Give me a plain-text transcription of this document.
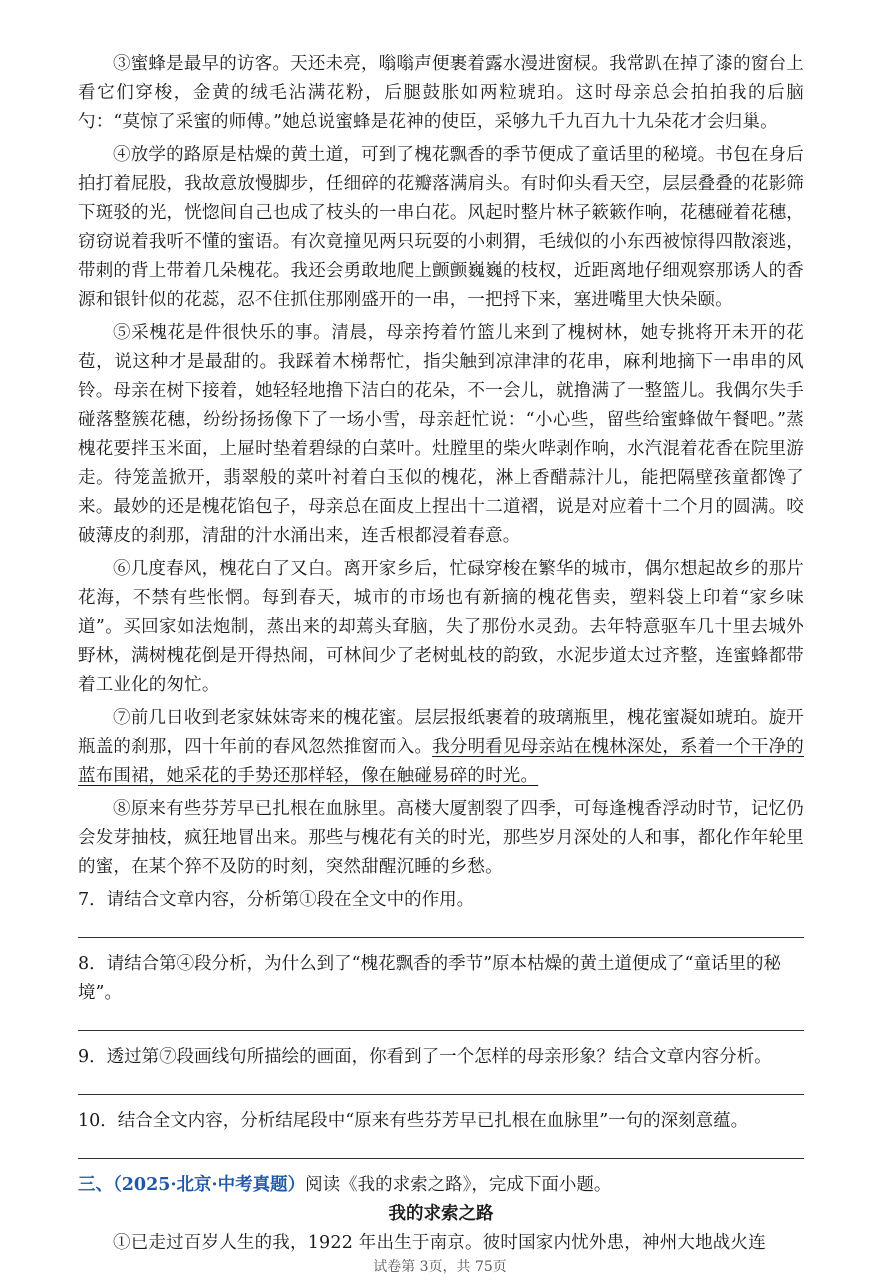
③蜜蜂是最早的访客。天还未亮，嗡嗡声便裹着露水漫进窗棂。我常趴在掉了漆的窗台上看它们穿梭，金黄的绒毛沾满花粉，后腿鼓胀如两粒琥珀。这时母亲总会拍拍我的后脑勺：“莫惊了采蜜的师傅。”她总说蜜蜂是花神的使臣，采够九千九百九十九朵花才会归巢。

④放学的路原是枯燥的黄土道，可到了槐花飘香的季节便成了童话里的秘境。书包在身后拍打着屁股，我故意放慢脚步，任细碎的花瓣落满肩头。有时仰头看天空，层层叠叠的花影筛下斑驳的光，恍惚间自己也成了枝头的一串白花。风起时整片林子簌簌作响，花穗碰着花穗，窃窃说着我听不懂的蜜语。有次竟撞见两只玩耍的小刺猬，毛绒似的小东西被惊得四散滚逃，带刺的背上带着几朵槐花。我还会勇敢地爬上颤颤巍巍的枝杈，近距离地仔细观察那诱人的香源和银针似的花蕊，忍不住抓住那刚盛开的一串，一把捋下来，塞进嘴里大快朵颐。

⑤采槐花是件很快乐的事。清晨，母亲挎着竹篮儿来到了槐树林，她专挑将开未开的花苞，说这种才是最甜的。我踩着木梯帮忙，指尖触到凉津津的花串，麻利地摘下一串串的风铃。母亲在树下接着，她轻轻地撸下洁白的花朵，不一会儿，就撸满了一整篮儿。我偶尔失手碰落整簇花穗，纷纷扬扬像下了一场小雪，母亲赶忙说：“小心些，留些给蜜蜂做午餐吧。”蒸槐花要拌玉米面，上屉时垫着碧绿的白菜叶。灶膛里的柴火哔剥作响，水汽混着花香在院里游走。待笼盖掀开，翡翠般的菜叶衬着白玉似的槐花，淋上香醋蒜汁儿，能把隔壁孩童都馋了来。最妙的还是槐花馅包子，母亲总在面皮上捏出十二道褶，说是对应着十二个月的圆满。咬破薄皮的刹那，清甜的汁水涌出来，连舌根都浸着春意。

⑥几度春风，槐花白了又白。离开家乡后，忙碌穿梭在繁华的城市，偶尔想起故乡的那片花海，不禁有些怅惘。每到春天，城市的市场也有新摘的槐花售卖，塑料袋上印着“家乡味道”。买回家如法炮制，蒸出来的却蔫头耷脑，失了那份水灵劲。去年特意驱车几十里去城外野林，满树槐花倒是开得热闹，可林间少了老树虬枝的韵致，水泥步道太过齐整，连蜜蜂都带着工业化的匆忙。

⑦前几日收到老家妹妹寄来的槐花蜜。层层报纸裹着的玻璃瓶里，槐花蜜凝如琥珀。旋开瓶盖的刹那，四十年前的春风忽然推窗而入。我分明看见母亲站在槐林深处，系着一个干净的蓝布围裙，她采花的手势还那样轻，像在触碰易碎的时光。

⑧原来有些芬芳早已扎根在血脉里。高楼大厦割裂了四季，可每逢槐香浮动时节，记忆仍会发芽抽枝，疯狂地冒出来。那些与槐花有关的时光，那些岁月深处的人和事，都化作年轮里的蜜，在某个猝不及防的时刻，突然甜醒沉睡的乡愁。

7．请结合文章内容，分析第①段在全文中的作用。

8．请结合第④段分析，为什么到了“槐花飘香的季节”原本枯燥的黄土道便成了“童话里的秘境”。

9．透过第⑦段画线句所描绘的画面，你看到了一个怎样的母亲形象？结合文章内容分析。

10．结合全文内容，分析结尾段中“原来有些芬芳早已扎根在血脉里”一句的深刻意蕴。

三、（2025·北京·中考真题）阅读《我的求索之路》，完成下面小题。

我的求索之路

①已走过百岁人生的我，1922 年出生于南京。彼时国家内忧外患，神州大地战火连

试卷第 3页，共 75页
